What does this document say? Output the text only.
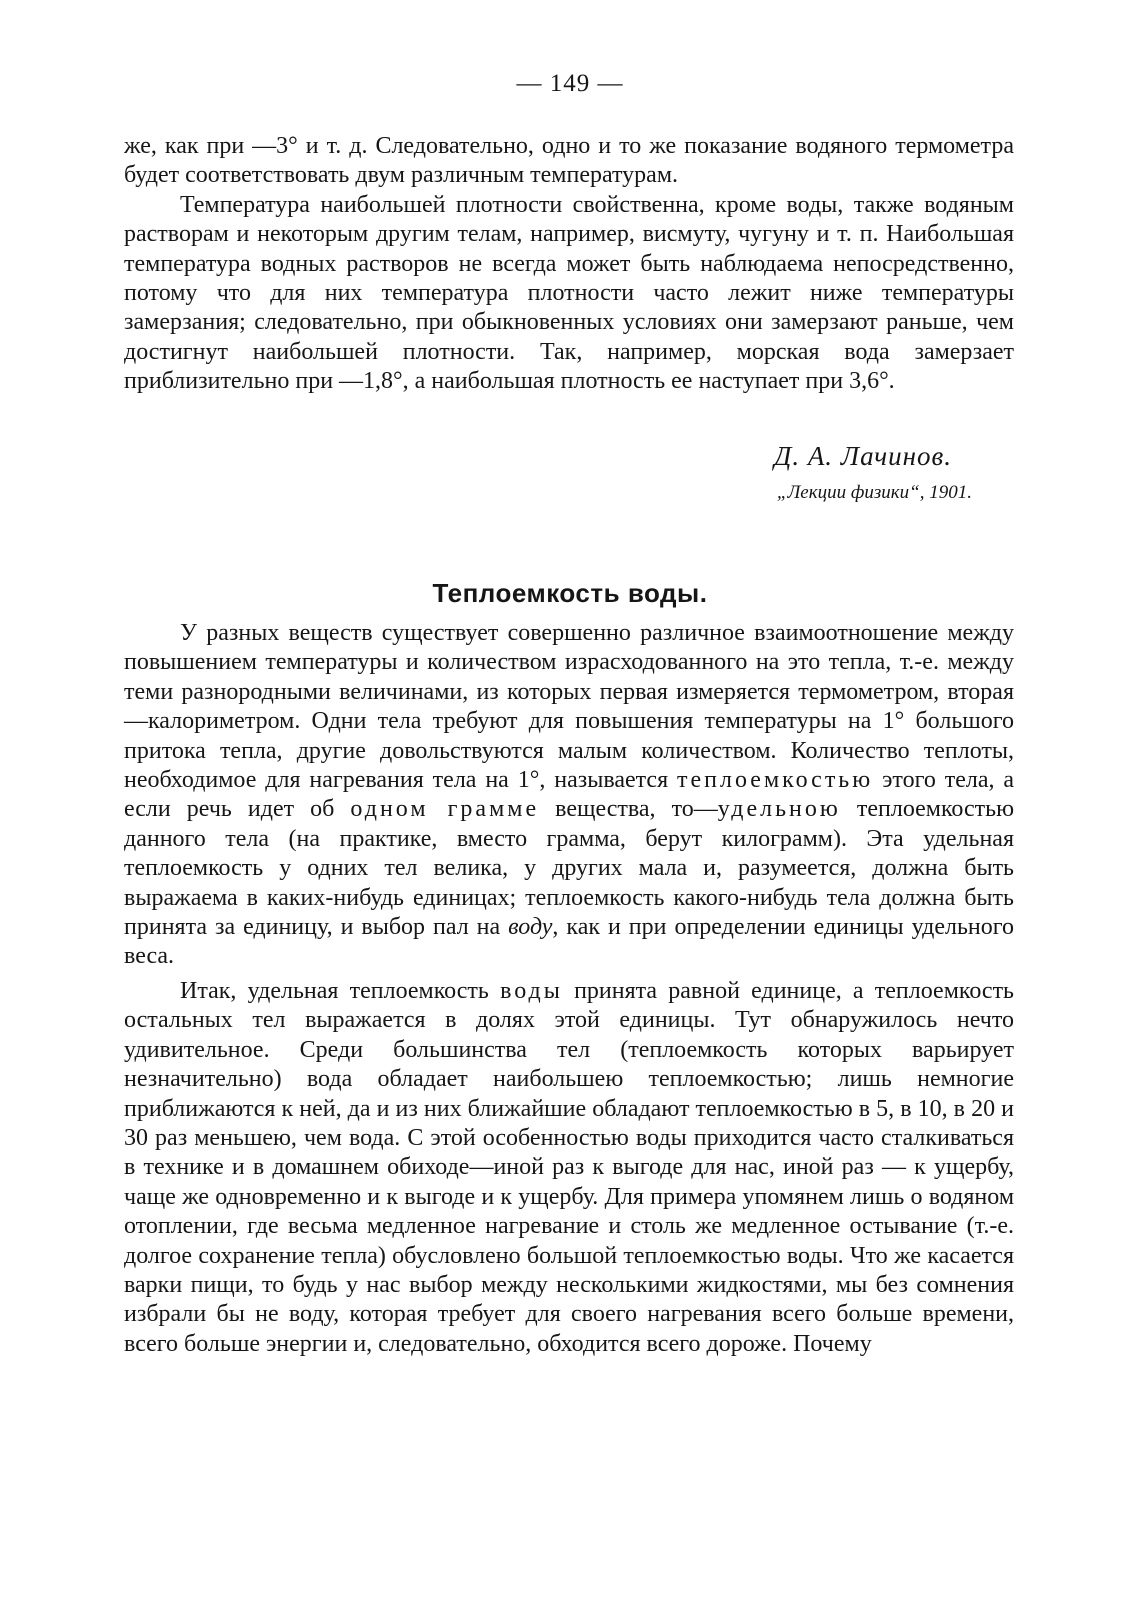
— 149 —

же, как при —3° и т. д. Следовательно, одно и то же показание водяного термометра будет соответствовать двум различным температурам.

Температура наибольшей плотности свойственна, кроме воды, также водяным растворам и некоторым другим телам, например, висмуту, чугуну и т. п. Наибольшая температура водных растворов не всегда может быть наблюдаема непосредственно, потому что для них температура плотности часто лежит ниже температуры замерзания; следовательно, при обыкновенных условиях они замерзают раньше, чем достигнут наибольшей плотности. Так, например, морская вода замерзает приблизительно при —1,8°, а наибольшая плотность ее наступает при 3,6°.

Д. А. Лачинов.
„Лекции физики“, 1901.
Теплоемкость воды.

У разных веществ существует совершенно различное взаимоотношение между повышением температуры и количеством израсходованного на это тепла, т.-е. между теми разнородными величинами, из которых первая измеряется термометром, вторая—калориметром. Одни тела требуют для повышения температуры на 1° большого притока тепла, другие довольствуются малым количеством. Количество теплоты, необходимое для нагревания тела на 1°, называется теплоемкостью этого тела, а если речь идет об одном грамме вещества, то—удельною теплоемкостью данного тела (на практике, вместо грамма, берут килограмм). Эта удельная теплоемкость у одних тел велика, у других мала и, разумеется, должна быть выражаема в каких-нибудь единицах; теплоемкость какого-нибудь тела должна быть принята за единицу, и выбор пал на воду, как и при определении единицы удельного веса.

Итак, удельная теплоемкость воды принята равной единице, а теплоемкость остальных тел выражается в долях этой единицы. Тут обнаружилось нечто удивительное. Среди большинства тел (теплоемкость которых варьирует незначительно) вода обладает наибольшею теплоемкостью; лишь немногие приближаются к ней, да и из них ближайшие обладают теплоемкостью в 5, в 10, в 20 и 30 раз меньшею, чем вода. С этой особенностью воды приходится часто сталкиваться в технике и в домашнем обиходе—иной раз к выгоде для нас, иной раз — к ущербу, чаще же одновременно и к выгоде и к ущербу. Для примера упомянем лишь о водяном отоплении, где весьма медленное нагревание и столь же медленное остывание (т.-е. долгое сохранение тепла) обусловлено большой теплоемкостью воды. Что же касается варки пищи, то будь у нас выбор между несколькими жидкостями, мы без сомнения избрали бы не воду, которая требует для своего нагревания всего больше времени, всего больше энергии и, следовательно, обходится всего дороже. Почему
